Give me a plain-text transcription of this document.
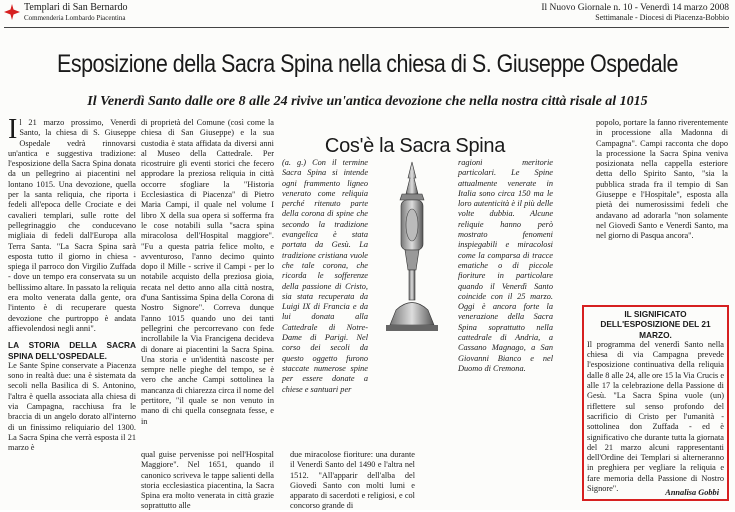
Templari di San Bernardo
Commenderia Lombardo Piacentina
Il Nuovo Giornale n. 10 - Venerdì 14 marzo 2008
Settimanale - Diocesi di Piacenza-Bobbio
Esposizione della Sacra Spina nella chiesa di S. Giuseppe Ospedale
Il Venerdì Santo dalle ore 8 alle 24 rivive un'antica devozione che nella nostra città risale al 1015
Il 21 marzo prossimo, Venerdì Santo, la chiesa di S. Giuseppe Ospedale vedrà rinnovarsi un'antica e suggestiva tradizione: l'esposizione della Sacra Spina donata da un pellegrino ai piacentini nel lontano 1015. Una devozione, quella per la santa reliquia, che riporta i fedeli all'epoca delle Crociate e dei cavalieri templari, sulle rotte del pellegrinaggio che conducevano migliaia di fedeli dall'Europa alla Terra Santa. "La Sacra Spina sarà esposta tutto il giorno in chiesa - spiega il parroco don Virgilio Zuffada - dove un tempo era conservata su un bellissimo altare. In passato la reliquia era molto venerata dalla gente, ora l'intento è di recuperare questa devozione che purtroppo è andata affievolendosi negli anni".
LA STORIA DELLA SACRA SPINA DELL'OSPEDALE.
Le Sante Spine conservate a Piacenza sono in realtà due: una è sistemata da secoli nella Basilica di S. Antonino, l'altra è quella associata alla chiesa di via Campagna, racchiusa fra le braccia di un angelo dorato all'interno di un finissimo reliquiario del 1300. La Sacra Spina che verrà esposta il 21 marzo è
di proprietà del Comune (così come la chiesa di San Giuseppe) e la sua custodia è stata affidata da diversi anni al Museo della Cattedrale. Per ricostruire gli eventi storici che fecero approdare la preziosa reliquia in città occorre sfogliare la "Historia Ecclesiastica di Piacenza" di Pietro Maria Campi, il quale nel volume I libro X della sua opera si sofferma fra le cose notabili sulla "sacra spina miracolosa dell'Hospital maggiore". "Fu a questa patria felice molto, e avventuroso, l'anno decimo quinto dopo il Mille - scrive il Campi - per lo notabile acquisto della preziosa gioia, recata nel detto anno alla città nostra, d'una Santissima Spina della Corona di Nostro Signore". Correva dunque l'anno 1015 quando uno dei tanti pellegrini che percorrevano con fede incrollabile la Via Francigena decideva di donare ai piacentini la Sacra Spina. Una storia e un'identità nascoste per sempre nelle pieghe del tempo, se è vero che anche Campi sottolinea la mancanza di chiarezza circa il nome del pertitore, "il quale se non venuto in mano di chi quella consegnata fesse, e in
qual guise pervenisse poi nell'Hospital Maggiore". Nel 1651, quando il canonico scriveva le tappe salienti della storia ecclesiastica piacentina, la Sacra Spina era molto venerata in città grazie soprattutto alle
due miracolose fioriture: una durante il Venerdì Santo del 1490 e l'altra nel 1512. "All'apparir dell'alba del Giovedì Santo con molti lumi e apparato di sacerdoti e religiosi, e col concorso grande di
Cos'è la Sacra Spina
(a. g.) Con il termine Sacra Spina si intende ogni frammento ligneo venerato come reliquia perché ritenuto parte della corona di spine che secondo la tradizione evangelica è stata portata da Gesù. La tradizione cristiana vuole che tale corona, che ricorda le sofferenze della passione di Cristo, sia stata recuperata da Luigi IX di Francia e da lui donata alla Cattedrale di Notre-Dame di Parigi. Nel corso dei secoli da questo oggetto furono staccate numerose spine per essere donate a chiese e santuari per
ragioni meritorie particolari. Le Spine attualmente venerate in Italia sono circa 150 ma le loro autenticità è il più delle volte dubbia. Alcune reliquie hanno però mostrato fenomeni inspiegabili e miracolosi come la comparsa di tracce ematiche o di piccole fioriture in particolare quando il Venerdì Santo coincide con il 25 marzo. Oggi è ancora forte la venerazione della Sacra Spina soprattutto nella cattedrale di Andria, a Cassano Magnago, a San Giovanni Bianco e nel Duomo di Cremona.
IL SIGNIFICATO DELL'ESPOSIZIONE DEL 21 MARZO.
Il programma del venerdì Santo nella chiesa di via Campagna prevede l'esposizione continuativa della reliquia dalle 8 alle 24, alle ore 15 la Via Crucis e alle 17 la celebrazione della Passione di Gesù. "La Sacra Spina vuole (un) riflettere sul senso profondo del sacrificio di Cristo per l'umanità - sottolinea don Zuffada - ed è significativo che durante tutta la giornata del 21 marzo alcuni rappresentanti dell'Ordine dei Templari si alterneranno in preghiera per vegliare la reliquia e fare memoria della Passione di Nostro Signore".	Annalisa Gobbi
popolo, portare la fanno riverentemente in processione alla Madonna di Campagna". Campi racconta che dopo la processione la Sacra Spina veniva posizionata nella cappella esteriore detta dello Spirito Santo, "sia la pubblica strada fra il tempio di San Giuseppe e l'Hospitale", esposta alla pietà dei numerosissimi fedeli che andavano ad adorarla "non solamente nel Giovedì Santo e Venerdì Santo, ma nel giorno di Pasqua ancora".
